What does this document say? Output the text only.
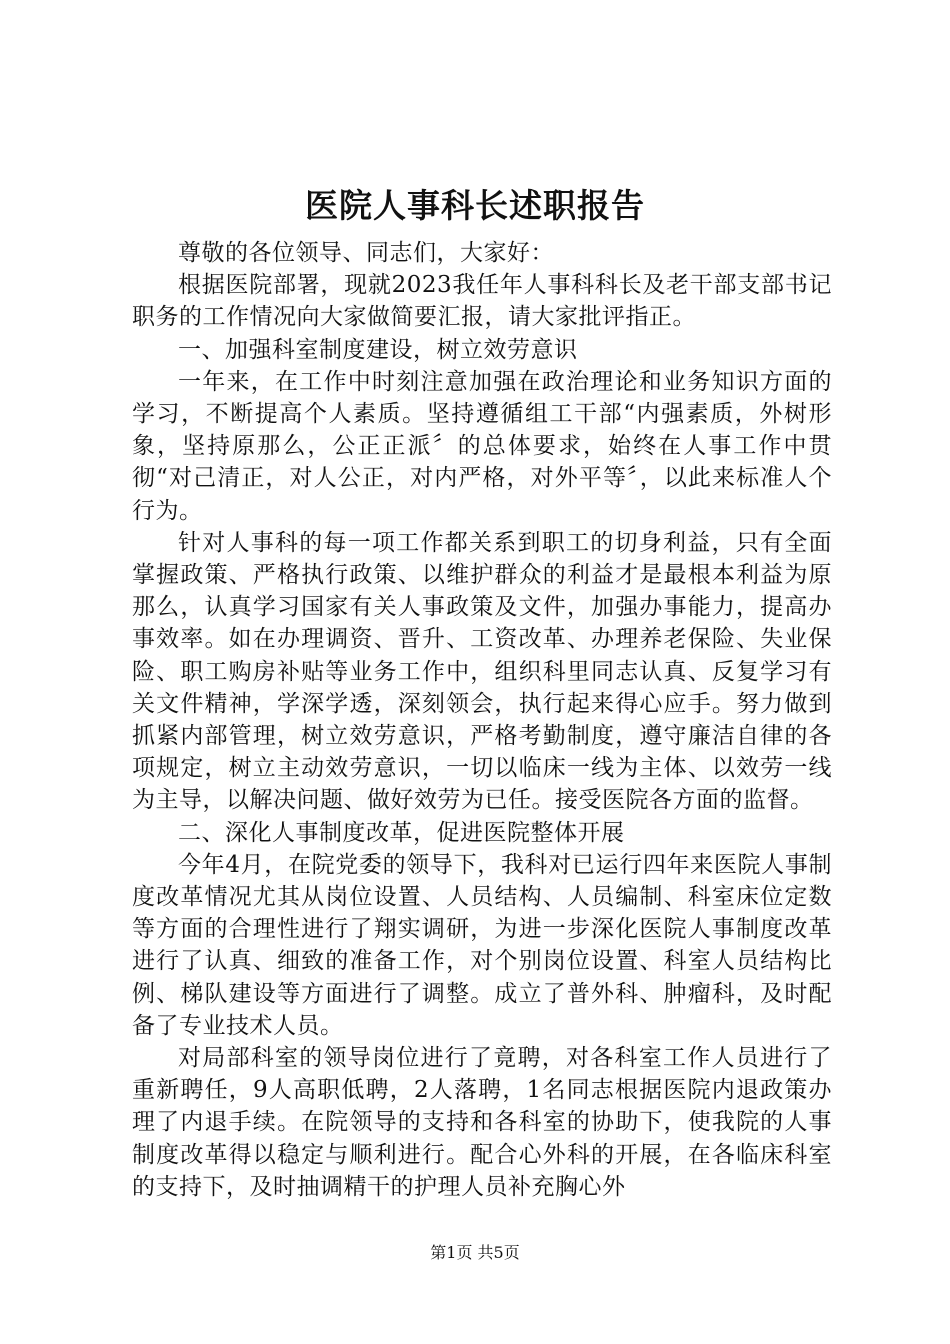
医院人事科长述职报告

尊敬的各位领导、同志们，大家好：

根据医院部署，现就2023我任年人事科科长及老干部支部书记职务的工作情况向大家做简要汇报，请大家批评指正。

一、加强科室制度建设，树立效劳意识

一年来，在工作中时刻注意加强在政治理论和业务知识方面的学习，不断提高个人素质。坚持遵循组工干部“内强素质，外树形象，坚持原那么，公正正派〞的总体要求，始终在人事工作中贯彻“对己清正，对人公正，对内严格，对外平等〞，以此来标准人个行为。

针对人事科的每一项工作都关系到职工的切身利益，只有全面掌握政策、严格执行政策、以维护群众的利益才是最根本利益为原那么，认真学习国家有关人事政策及文件，加强办事能力，提高办事效率。如在办理调资、晋升、工资改革、办理养老保险、失业保险、职工购房补贴等业务工作中，组织科里同志认真、反复学习有关文件精神，学深学透，深刻领会，执行起来得心应手。努力做到抓紧内部管理，树立效劳意识，严格考勤制度，遵守廉洁自律的各项规定，树立主动效劳意识，一切以临床一线为主体、以效劳一线为主导，以解决问题、做好效劳为已任。接受医院各方面的监督。

二、深化人事制度改革，促进医院整体开展

今年4月，在院党委的领导下，我科对已运行四年来医院人事制度改革情况尤其从岗位设置、人员结构、人员编制、科室床位定数等方面的合理性进行了翔实调研，为进一步深化医院人事制度改革进行了认真、细致的准备工作，对个别岗位设置、科室人员结构比例、梯队建设等方面进行了调整。成立了普外科、肿瘤科，及时配备了专业技术人员。

对局部科室的领导岗位进行了竟聘，对各科室工作人员进行了重新聘任，9人高职低聘，2人落聘，1名同志根据医院内退政策办理了内退手续。在院领导的支持和各科室的协助下，使我院的人事制度改革得以稳定与顺利进行。配合心外科的开展，在各临床科室的支持下，及时抽调精干的护理人员补充胸心外

第1页 共5页
